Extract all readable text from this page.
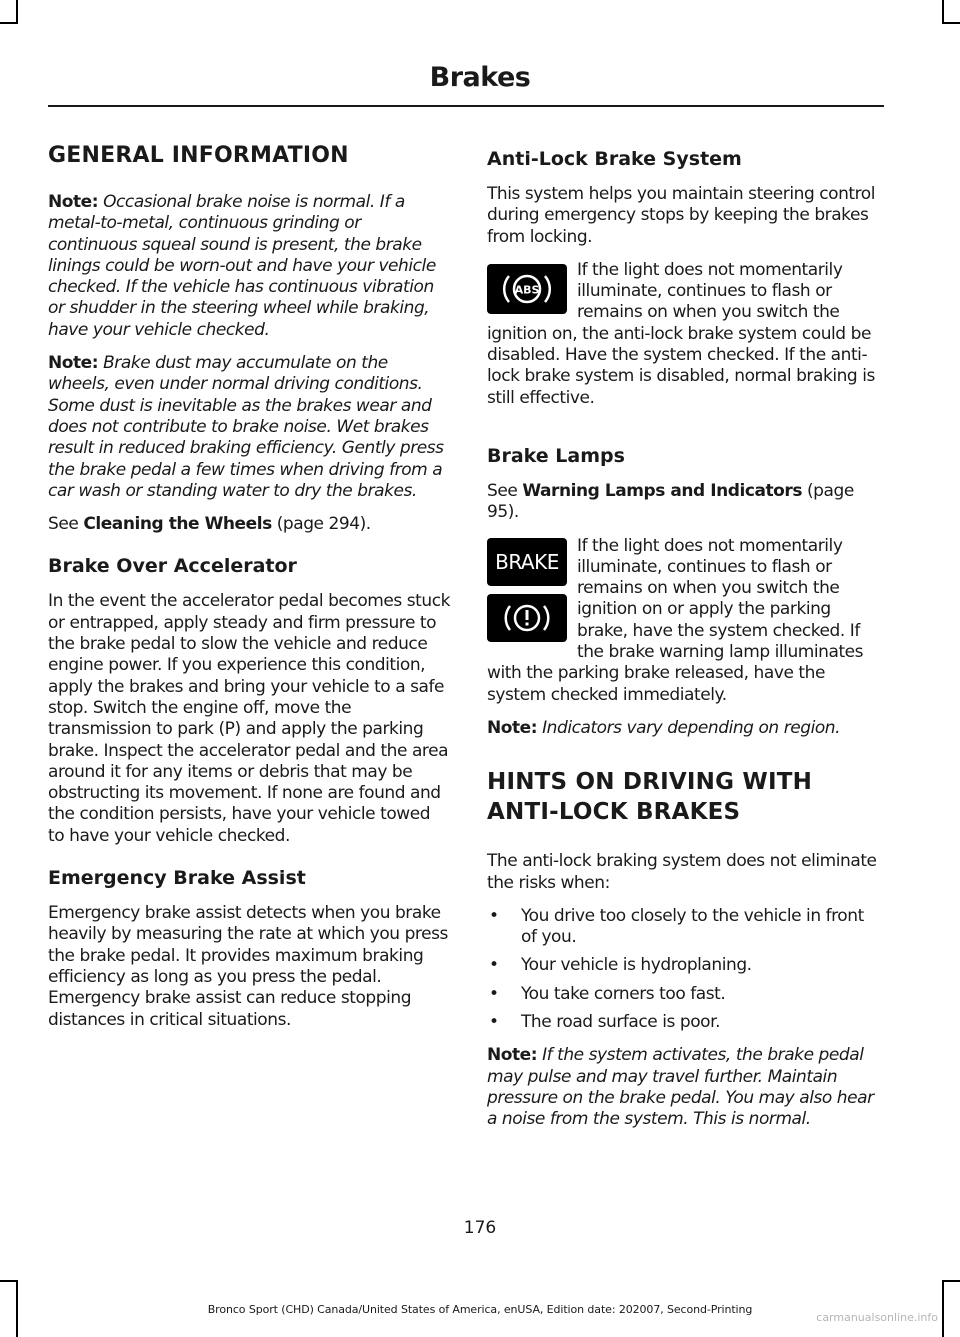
Brakes
GENERAL INFORMATION

Note: Occasional brake noise is normal. If a metal-to-metal, continuous grinding or continuous squeal sound is present, the brake linings could be worn-out and have your vehicle checked. If the vehicle has continuous vibration or shudder in the steering wheel while braking, have your vehicle checked.

Note: Brake dust may accumulate on the wheels, even under normal driving conditions. Some dust is inevitable as the brakes wear and does not contribute to brake noise. Wet brakes result in reduced braking efficiency. Gently press the brake pedal a few times when driving from a car wash or standing water to dry the brakes.

See Cleaning the Wheels (page 294).

Brake Over Accelerator

In the event the accelerator pedal becomes stuck or entrapped, apply steady and firm pressure to the brake pedal to slow the vehicle and reduce engine power. If you experience this condition, apply the brakes and bring your vehicle to a safe stop. Switch the engine off, move the transmission to park (P) and apply the parking brake. Inspect the accelerator pedal and the area around it for any items or debris that may be obstructing its movement. If none are found and the condition persists, have your vehicle towed to have your vehicle checked.

Emergency Brake Assist

Emergency brake assist detects when you brake heavily by measuring the rate at which you press the brake pedal. It provides maximum braking efficiency as long as you press the pedal. Emergency brake assist can reduce stopping distances in critical situations.

Anti-Lock Brake System

This system helps you maintain steering control during emergency stops by keeping the brakes from locking.

ABS

If the light does not momentarily illuminate, continues to flash or remains on when you switch the ignition on, the anti-lock brake system could be disabled. Have the system checked. If the anti-lock brake system is disabled, normal braking is still effective.

Brake Lamps

See Warning Lamps and Indicators (page 95).

BRAKE

If the light does not momentarily illuminate, continues to flash or remains on when you switch the ignition on or apply the parking brake, have the system checked. If the brake warning lamp illuminates with the parking brake released, have the system checked immediately.

Note: Indicators vary depending on region.

HINTS ON DRIVING WITH
ANTI-LOCK BRAKES

The anti-lock braking system does not eliminate the risks when:

• You drive too closely to the vehicle in front of you.
• Your vehicle is hydroplaning.
• You take corners too fast.
• The road surface is poor.

Note: If the system activates, the brake pedal may pulse and may travel further. Maintain pressure on the brake pedal. You may also hear a noise from the system. This is normal.

176
Bronco Sport (CHD) Canada/United States of America, enUSA, Edition date: 202007, Second-Printing
carmanualsonline.info
